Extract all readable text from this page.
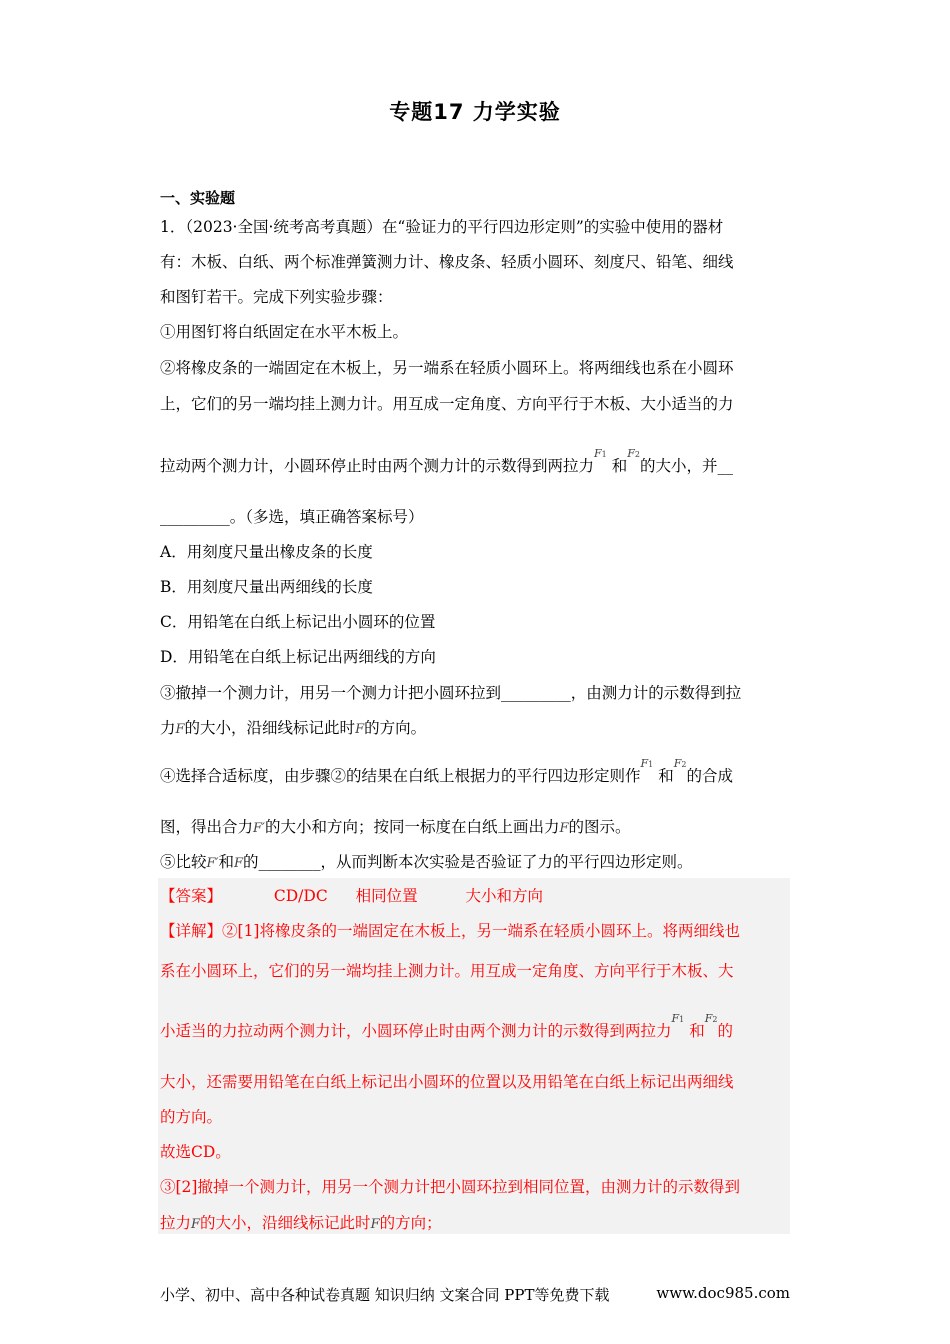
专题17 力学实验
一、实验题
1．（2023·全国·统考高考真题）在“验证力的平行四边形定则”的实验中使用的器材
有：木板、白纸、两个标准弹簧测力计、橡皮条、轻质小圆环、刻度尺、铅笔、细线
和图钉若干。完成下列实验步骤：
①用图钉将白纸固定在水平木板上。
②将橡皮条的一端固定在木板上，另一端系在轻质小圆环上。将两细线也系在小圆环
上，它们的另一端均挂上测力计。用互成一定角度、方向平行于木板、大小适当的力
拉动两个测力计，小圆环停止时由两个测力计的示数得到两拉力$^{F1}$ 和$^{F2}$的大小，并__
_________。（多选，填正确答案标号）
A．用刻度尺量出橡皮条的长度
B．用刻度尺量出两细线的长度
C．用铅笔在白纸上标记出小圆环的位置
D．用铅笔在白纸上标记出两细线的方向
③撤掉一个测力计，用另一个测力计把小圆环拉到_________，由测力计的示数得到拉
力F的大小，沿细线标记此时F的方向。
④选择合适标度，由步骤②的结果在白纸上根据力的平行四边形定则作$^{F1}$ 和$^{F2}$的合成
图，得出合力F′的大小和方向；按同一标度在白纸上画出力F的图示。
⑤比较F′和F的________，从而判断本次实验是否验证了力的平行四边形定则。
【答案】	CD/DC 相同位置	大小和方向
【详解】②[1]将橡皮条的一端固定在木板上，另一端系在轻质小圆环上。将两细线也
系在小圆环上，它们的另一端均挂上测力计。用互成一定角度、方向平行于木板、大
小适当的力拉动两个测力计，小圆环停止时由两个测力计的示数得到两拉力$^{F1}$ 和$^{F2}$的
大小，还需要用铅笔在白纸上标记出小圆环的位置以及用铅笔在白纸上标记出两细线
的方向。
故选CD。
③[2]撤掉一个测力计，用另一个测力计把小圆环拉到相同位置，由测力计的示数得到
拉力F的大小，沿细线标记此时F的方向；
小学、初中、高中各种试卷真题 知识归纳 文案合同 PPT等免费下载	www.doc985.com
